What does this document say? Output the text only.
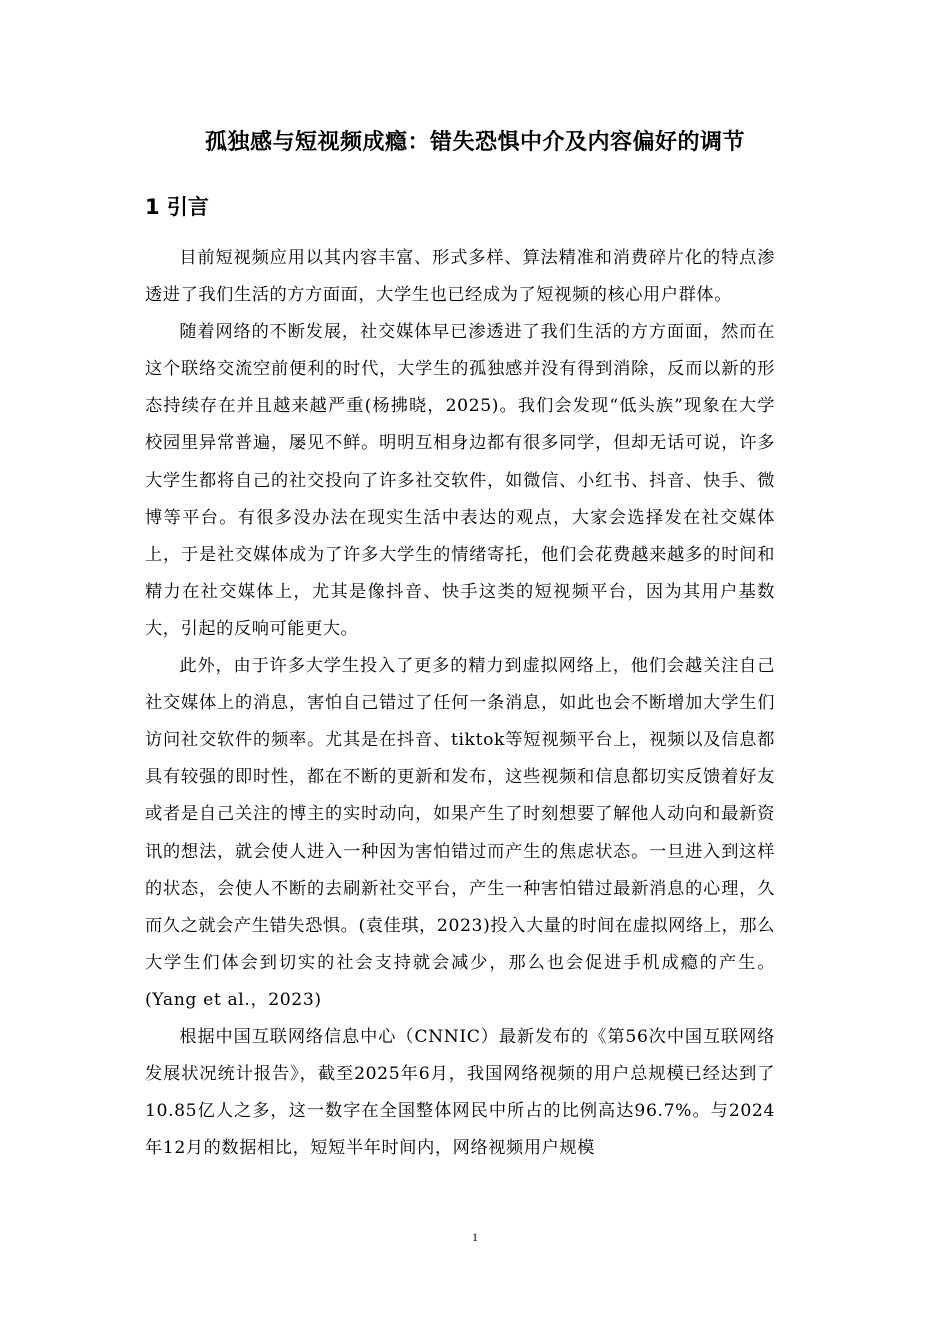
孤独感与短视频成瘾：错失恐惧中介及内容偏好的调节
1 引言

目前短视频应用以其内容丰富、形式多样、算法精准和消费碎片化的特点渗透进了我们生活的方方面面，大学生也已经成为了短视频的核心用户群体。

随着网络的不断发展，社交媒体早已渗透进了我们生活的方方面面，然而在这个联络交流空前便利的时代，大学生的孤独感并没有得到消除，反而以新的形态持续存在并且越来越严重(杨拂晓，2025)。我们会发现“低头族”现象在大学校园里异常普遍，屡见不鲜。明明互相身边都有很多同学，但却无话可说，许多大学生都将自己的社交投向了许多社交软件，如微信、小红书、抖音、快手、微博等平台。有很多没办法在现实生活中表达的观点，大家会选择发在社交媒体上，于是社交媒体成为了许多大学生的情绪寄托，他们会花费越来越多的时间和精力在社交媒体上，尤其是像抖音、快手这类的短视频平台，因为其用户基数大，引起的反响可能更大。

此外，由于许多大学生投入了更多的精力到虚拟网络上，他们会越关注自己社交媒体上的消息，害怕自己错过了任何一条消息，如此也会不断增加大学生们访问社交软件的频率。尤其是在抖音、tiktok等短视频平台上，视频以及信息都具有较强的即时性，都在不断的更新和发布，这些视频和信息都切实反馈着好友或者是自己关注的博主的实时动向，如果产生了时刻想要了解他人动向和最新资讯的想法，就会使人进入一种因为害怕错过而产生的焦虑状态。一旦进入到这样的状态，会使人不断的去刷新社交平台，产生一种害怕错过最新消息的心理，久而久之就会产生错失恐惧。(袁佳琪，2023)投入大量的时间在虚拟网络上，那么大学生们体会到切实的社会支持就会减少，那么也会促进手机成瘾的产生。(Yang et al.，2023)

根据中国互联网络信息中心（CNNIC）最新发布的《第56次中国互联网络发展状况统计报告》，截至2025年6月，我国网络视频的用户总规模已经达到了10.85亿人之多，这一数字在全国整体网民中所占的比例高达96.7%。与2024年12月的数据相比，短短半年时间内，网络视频用户规模

1
